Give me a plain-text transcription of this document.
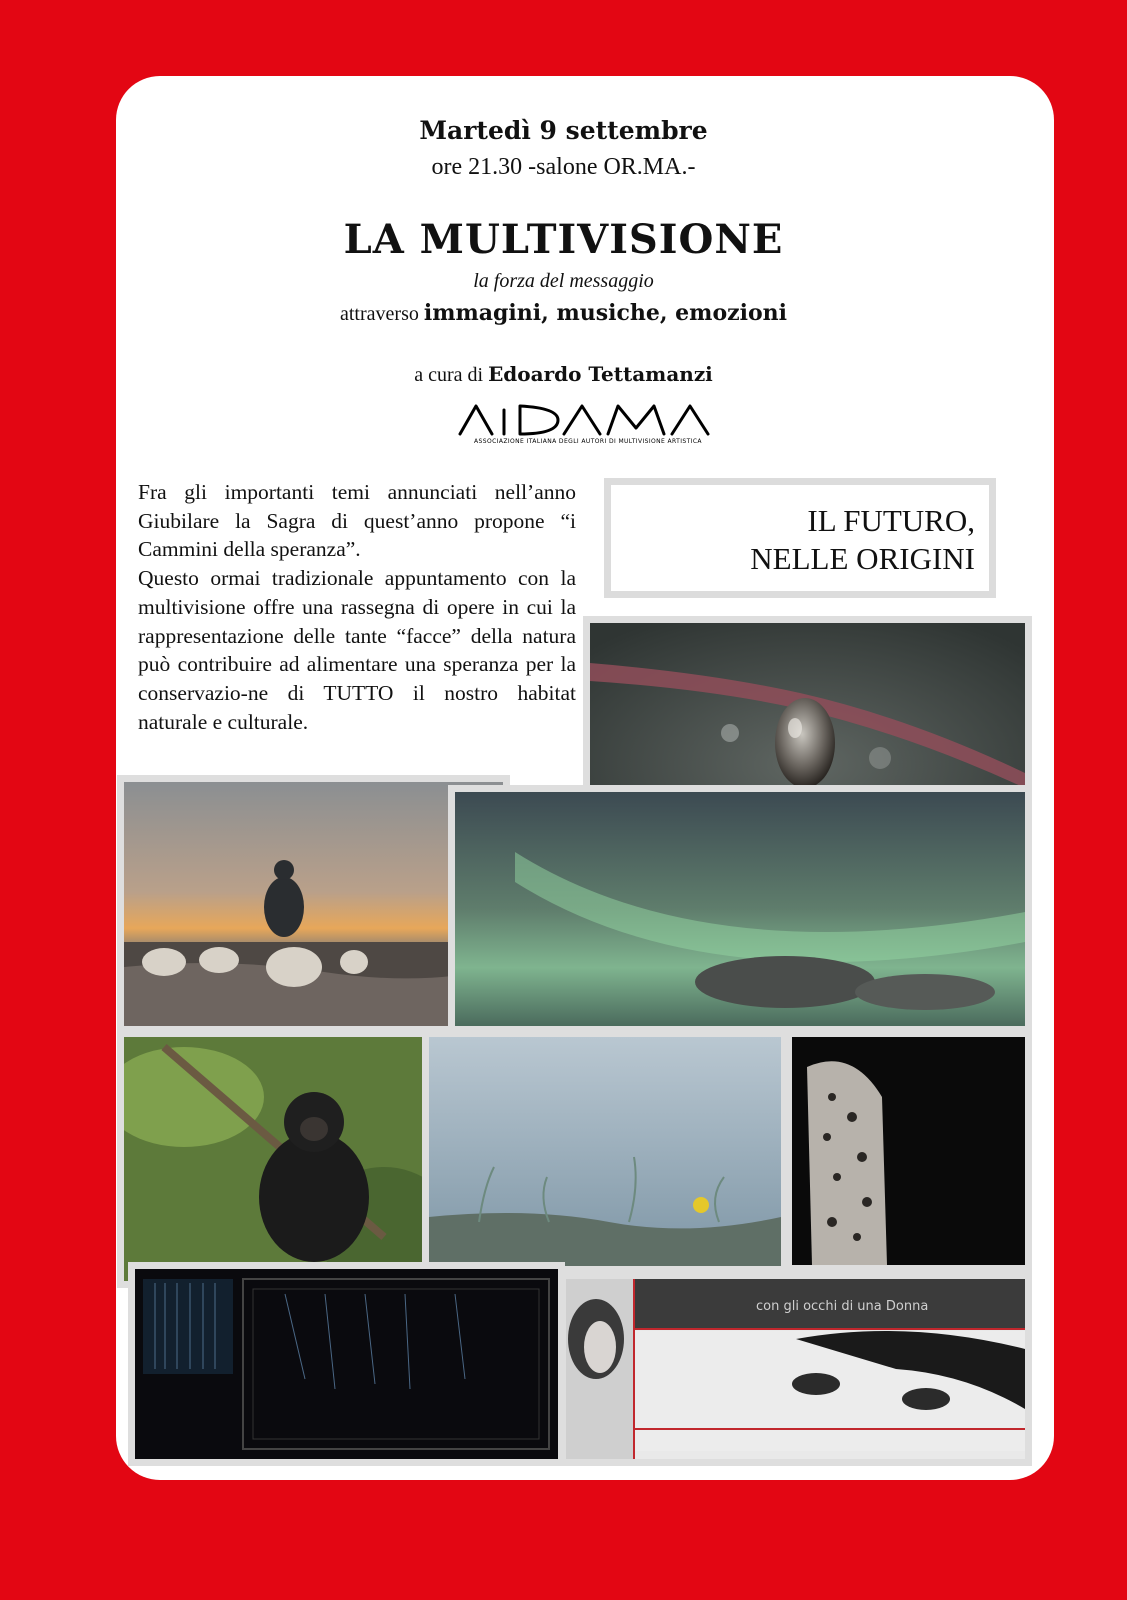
Martedì 9 settembre
ore 21.30 -salone OR.MA.-
LA MULTIVISIONE
la forza del messaggio
attraverso immagini, musiche, emozioni
a cura di Edoardo Tettamanzi
ASSOCIAZIONE ITALIANA DEGLI AUTORI DI MULTIVISIONE ARTISTICA

Fra gli importanti temi annunciati nell’anno Giubilare la Sagra di quest’anno propone “i Cammini della speranza”.

Questo ormai tradizionale appuntamento con la multivisione offre una rassegna di opere in cui la rappresentazione delle tante “facce” della natura può contribuire ad alimentare una speranza per la conservazio-ne di TUTTO il nostro habitat naturale e culturale.

IL FUTURO,
NELLE ORIGINI
con gli occhi di una Donna
